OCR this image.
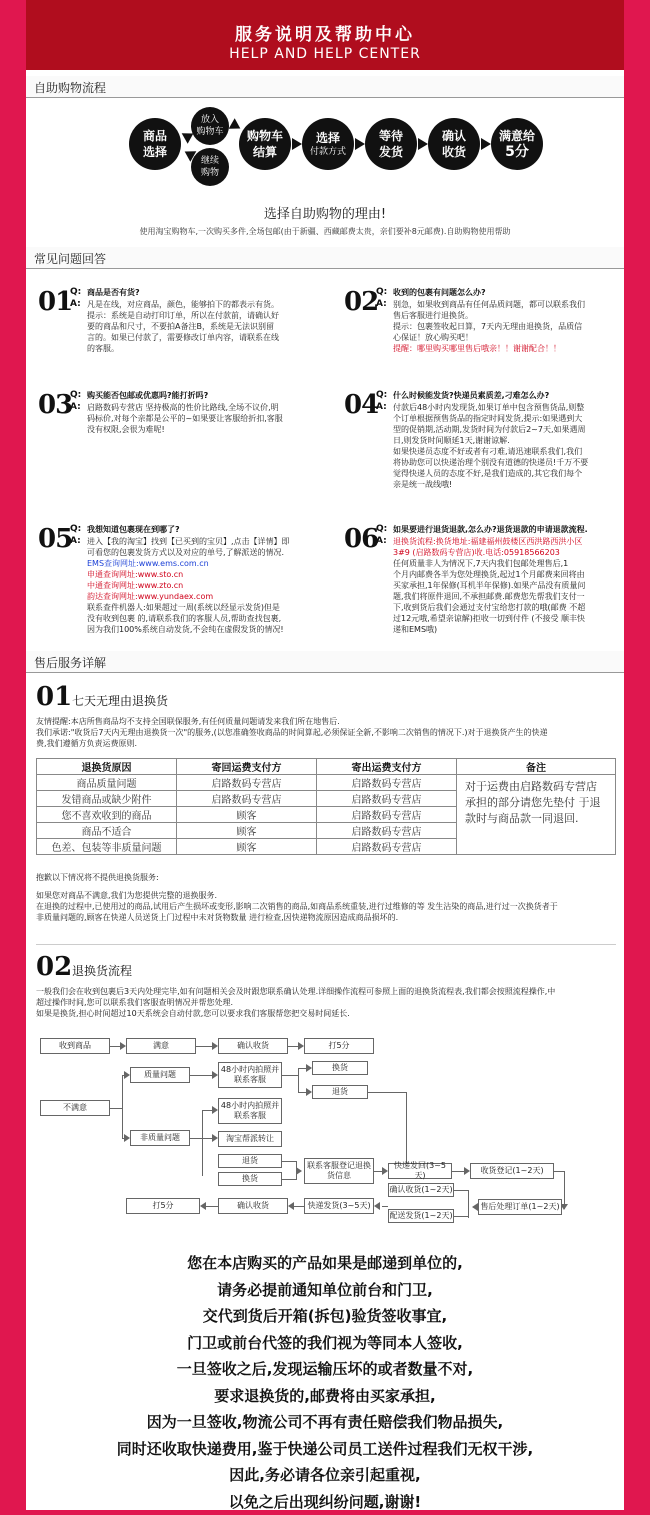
服务说明及帮助中心
HELP AND HELP CENTER
自助购物流程
商品
选择
放入
购物车
继续
购物
购物车
结算
选择
付款方式
等待
发货
确认
收货
满意给
5分
选择自助购物的理由!
使用淘宝购物车,一次购买多件,全场包邮(由于新疆、西藏邮费太贵，亲们要补8元邮费).自助购物使用帮助
常见问题回答
01
Q:
A:
商品是否有货?
凡是在线，对应商品，颜色，能够拍下的都表示有货。
提示：系统是自动打印订单，所以在付款前，请确认好
要的商品和尺寸，不要拍A备注B，系统是无法识别留
言的。如果已付款了，需要修改订单内容，请联系在线
的客服。
02
Q:
A:
收到的包裹有问题怎么办?
别急，如果收到商品有任何品质问题，都可以联系我们
售后客服进行退换货。
提示：包裹签收起日算，7天内无理由退换货，品质信
心保证！放心购买吧！
提醒：哪里购买哪里售后哦亲！！谢谢配合！！
03
Q:
A:
购买能否包邮或优惠吗?能打折吗?
启路数码专营店 坚持极高的性价比路线,全场不议价,明
码标价,对每个亲都是公平的~如果要让客服给折扣,客服
没有权限,会很为难呢!
04
Q:
A:
什么时候能发货?快递员素质差,刁难怎么办?
付款后48小时内发现货,如果订单中包含预售货品,则整
个订单根据预售货品的指定时间发货,提示:如果遇到大
型的促销期,活动期,发货时间为付款后2~7天,如果遇周
日,则发货时间顺延1天,谢谢谅解.
如果快递员态度不好或者有刁难,请迅速联系我们,我们
将协助您可以快递治理个别没有道德的快递员!千万不要
觉得快递人员的态度不好,是我们造成的,其它我们每个
亲是统一战线哦!
05
Q:
A:
我想知道包裹现在到哪了?
进入【我的淘宝】找到【已买到的宝贝】,点击【详情】即
可看您的包裹发货方式以及对应的单号,了解派送的情况.
EMS查询网址:www.ems.com.cn
申通查询网址:www.sto.cn
中通查询网址:www.zto.cn
韵达查询网址:www.yundaex.com
联系查件机器人:如果超过一周(系统以经显示发货)但是
没有收到包裹 的,请联系我们的客服人员,帮助查找包裹,
因为我们100%系统自动发货,不会纯在虚假发货的情况!
06
Q:
A:
如果要进行退货退款,怎么办?退货退款的申请退款流程.
退换货流程:换货地址:福建福州鼓楼区西洪路西洪小区
3#9 (启路数码专营店)收.电话:05918566203
任何质量非人为情况下,7天内我们包邮处理售后,1
个月内邮费各半为您处理换货,起过1个月邮费来回将由
买家承担,1年保修(耳机半年保修).如果产品没有质量问
题,我们将原件退回,不承担邮费.邮费您先帮我们支付一
下,收到货后我们会通过支付宝给您打款的哦(邮费 不超
过12元哦,希望亲谅解)拒收一切到付件 (不接受 顺丰快
递和EMS哦)
售后服务详解
01 七天无理由退换货
友情提醒:本店所售商品均不支持全国联保服务,有任何质量问题请发来我们所在地售后.
我们承诺:"收货后7天内无理由退换货一次"的服务,(以您准确签收商品的时间算起,必须保证全新,不影响二次销售的情况下.)对于退换货产生的快递
费,我们遵循方负责运费原则.
退换货原因	寄回运费支付方	寄出运费支付方	备注
商品质量问题	启路数码专营店	启路数码专营店	对于运费由启路数码专营店承担的部分请您先垫付 于退款时与商品款一同退回.
发错商品或缺少附件	启路数码专营店	启路数码专营店	
您不喜欢收到的商品	顾客	启路数码专营店	
商品不适合	顾客	启路数码专营店	
色差、包装等非质量问题	顾客	启路数码专营店	
抱歉以下情况将不提供退换货服务:
如果您对商品不满意,我们为您提供完整的退换服务.
在退换的过程中,已使用过的商品,试用后产生损坏或变形,影响二次销售的商品,如商品系统重装,进行过维修的等 发生沾染的商品,进行过一次换货者于
非质量问题的,顾客在快递人员送货上门过程中未对货物数量 进行检查,因快递物流原因造成商品损坏的.
02 退换货流程
一般我们会在收到包裹后3天内处理完毕,如有问题相关会及时跟您联系确认处理.详细操作流程可参照上面的退换货流程表,我们都会按照流程操作,中
超过操作时间,您可以联系我们客服查明情况并帮您处理.
如果是换货,担心时间超过10天系统会自动付款,您可以要求我们客服帮您把交易时间延长.
收到商品	满意	确认收货	打5分
不满意
质量问题
非质量问题
48小时内拍照并联系客服
换货
退货
48小时内拍照并联系客服
淘宝帮派转让
退货
换货
联系客服登记退换货信息
快递发回(3~5天)
收货登记(1~2天)
售后处理订单(1~2天)
确认收货(1~2天)
配送发货(1~2天)
快递发货(3~5天)
确认收货
打5分
您在本店购买的产品如果是邮递到单位的,
请务必提前通知单位前台和门卫,
交代到货后开箱(拆包)验货签收事宜,
门卫或前台代签的我们视为等同本人签收,
一旦签收之后,发现运输压坏的或者数量不对,
要求退换货的,邮费将由买家承担,
因为一旦签收,物流公司不再有责任赔偿我们物品损失,
同时还收取快递费用,鉴于快递公司员工送件过程我们无权干涉,
因此,务必请各位亲引起重视,
以免之后出现纠纷问题,谢谢!
